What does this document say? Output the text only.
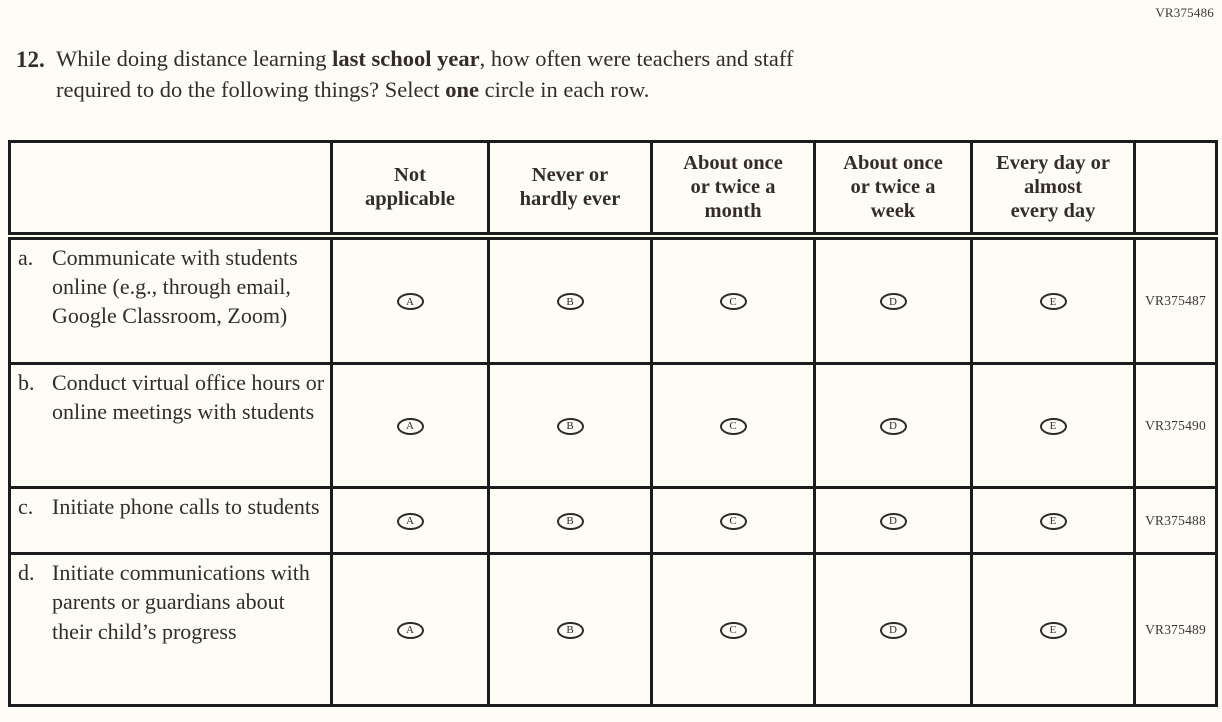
VR375486
12. While doing distance learning last school year, how often were teachers and staff
required to do the following things? Select one circle in each row.

	Not
applicable	Never or
hardly ever	About once
or twice a
month	About once
or twice a
week	Every day or
almost
every day	

a. Communicate with students online (e.g., through email, Google Classroom, Zoom)	A	B	C	D	E	VR375487

b. Conduct virtual office hours or online meetings with students	A	B	C	D	E	VR375490

c. Initiate phone calls to students	A	B	C	D	E	VR375488

d. Initiate communications with parents or guardians about their child’s progress	A	B	C	D	E	VR375489
